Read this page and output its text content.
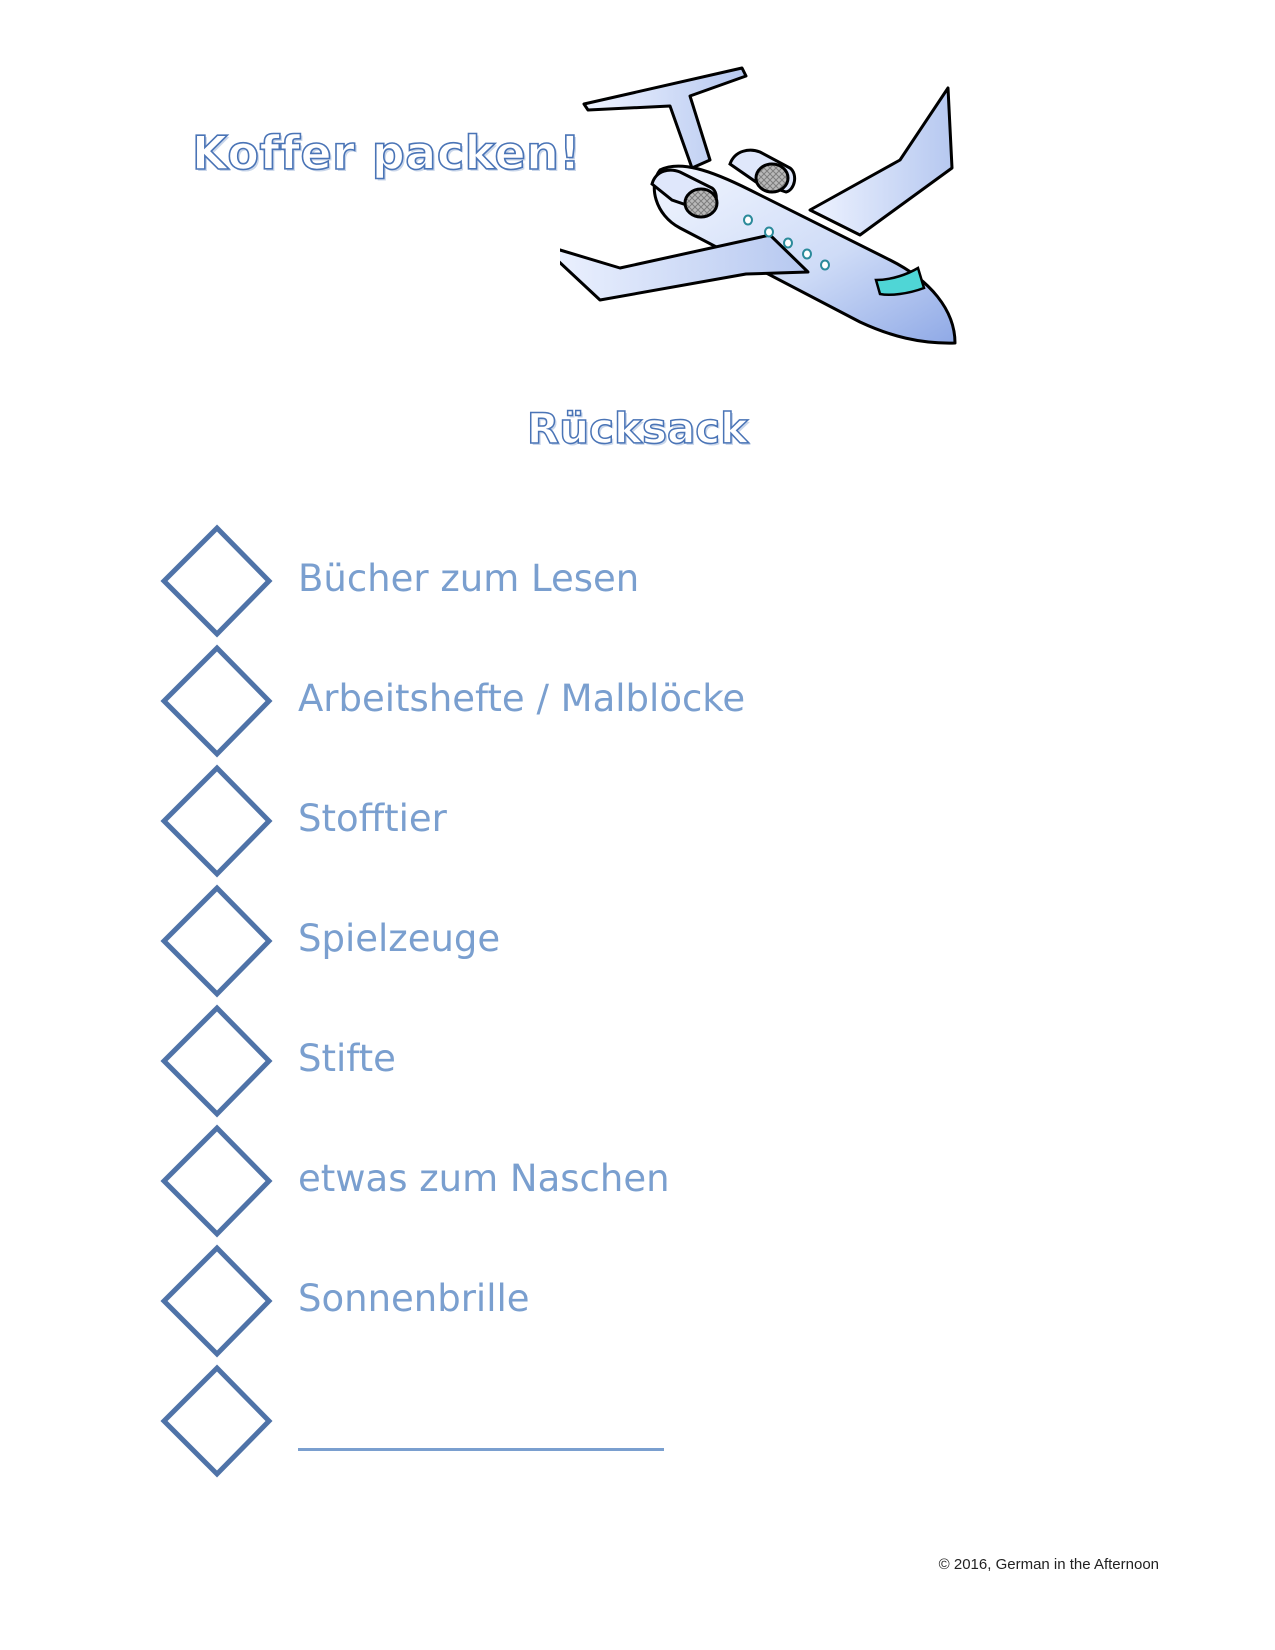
Koffer packen!
Rücksack
Bücher zum Lesen
Arbeitshefte / Malblöcke
Stofftier
Spielzeuge
Stifte
etwas zum Naschen
Sonnenbrille
© 2016, German in the Afternoon
